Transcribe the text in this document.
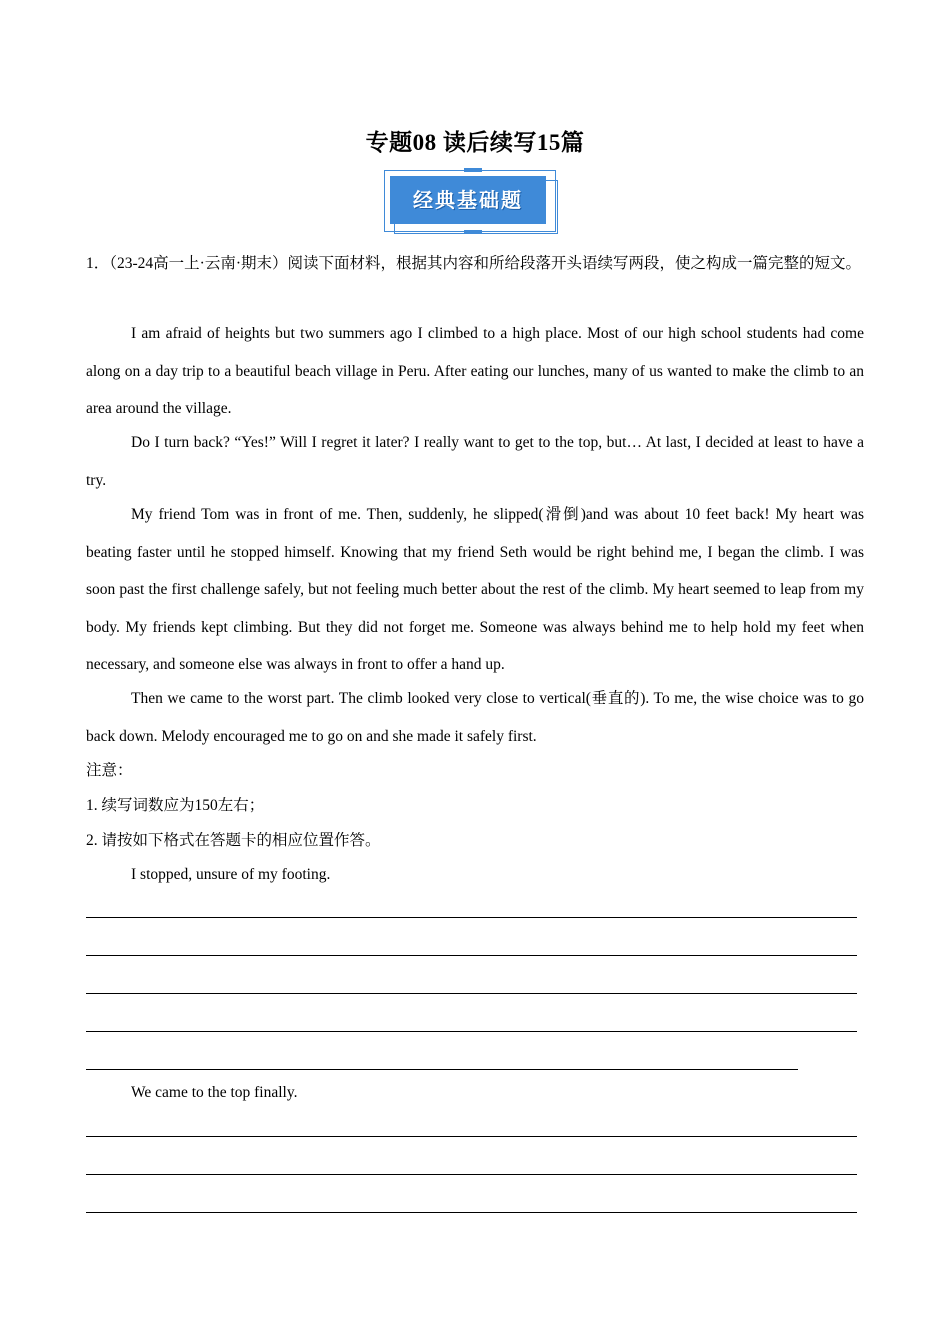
专题08 读后续写15篇
经典基础题

1．（23-24高一上·云南·期末）阅读下面材料，根据其内容和所给段落开头语续写两段，使之构成一篇完整的短文。

I am afraid of heights but two summers ago I climbed to a high place. Most of our high school students had come along on a day trip to a beautiful beach village in Peru. After eating our lunches, many of us wanted to make the climb to an area around the village.
Do I turn back? “Yes!” Will I regret it later? I really want to get to the top, but… At last, I decided at least to have a try.
My friend Tom was in front of me. Then, suddenly, he slipped(滑倒)and was about 10 feet back! My heart was beating faster until he stopped himself. Knowing that my friend Seth would be right behind me, I began the climb. I was soon past the first challenge safely, but not feeling much better about the rest of the climb. My heart seemed to leap from my body. My friends kept climbing. But they did not forget me. Someone was always behind me to help hold my feet when necessary, and someone else was always in front to offer a hand up.
Then we came to the worst part. The climb looked very close to vertical(垂直的). To me, the wise choice was to go back down. Melody encouraged me to go on and she made it safely first.
注意：
1. 续写词数应为150左右；
2. 请按如下格式在答题卡的相应位置作答。
I stopped, unsure of my footing.
We came to the top finally.
